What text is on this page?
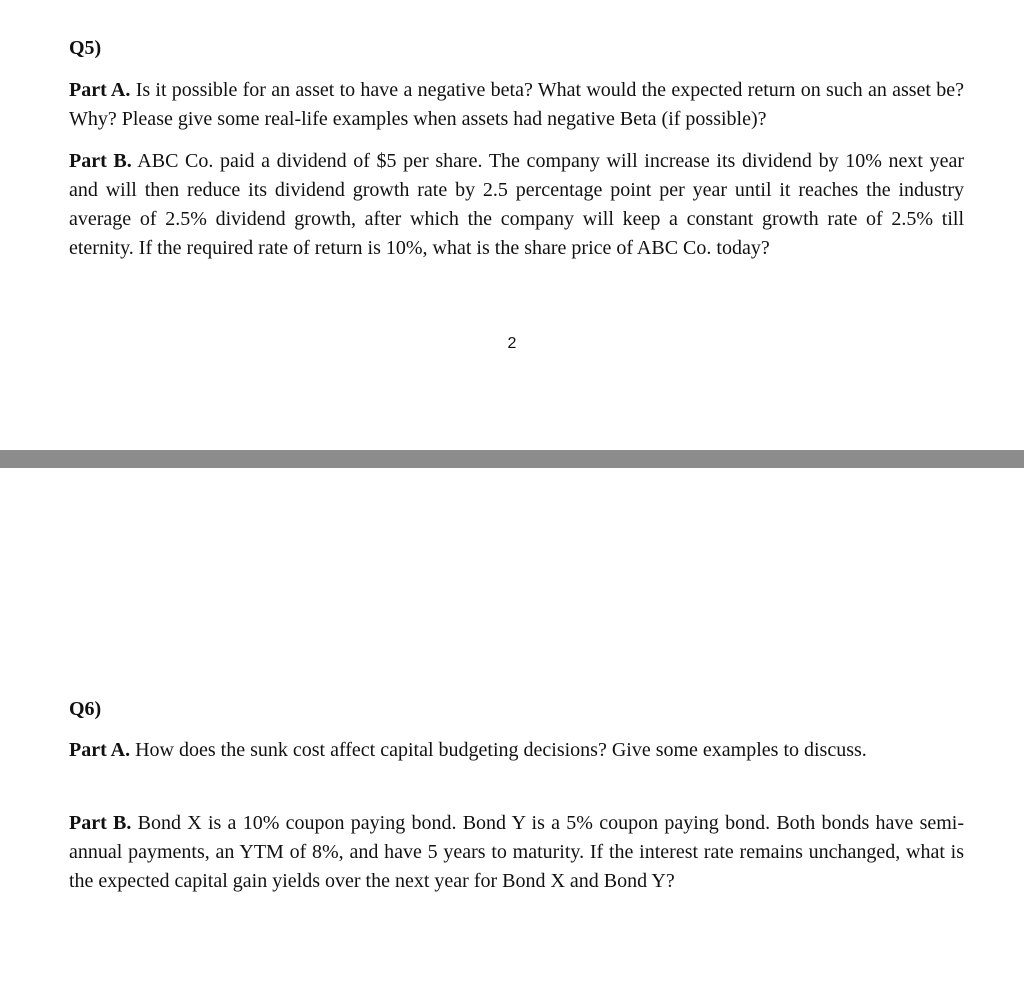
Q5)

Part A. Is it possible for an asset to have a negative beta? What would the expected return on such an asset be? Why? Please give some real-life examples when assets had negative Beta (if possible)?

Part B. ABC Co. paid a dividend of $5 per share. The company will increase its dividend by 10% next year and will then reduce its dividend growth rate by 2.5 percentage point per year until it reaches the industry average of 2.5% dividend growth, after which the company will keep a constant growth rate of 2.5% till eternity. If the required rate of return is 10%, what is the share price of ABC Co. today?

2
Q6)

Part A. How does the sunk cost affect capital budgeting decisions? Give some examples to discuss.

Part B. Bond X is a 10% coupon paying bond. Bond Y is a 5% coupon paying bond. Both bonds have semi-annual payments, an YTM of 8%, and have 5 years to maturity. If the interest rate remains unchanged, what is the expected capital gain yields over the next year for Bond X and Bond Y?
